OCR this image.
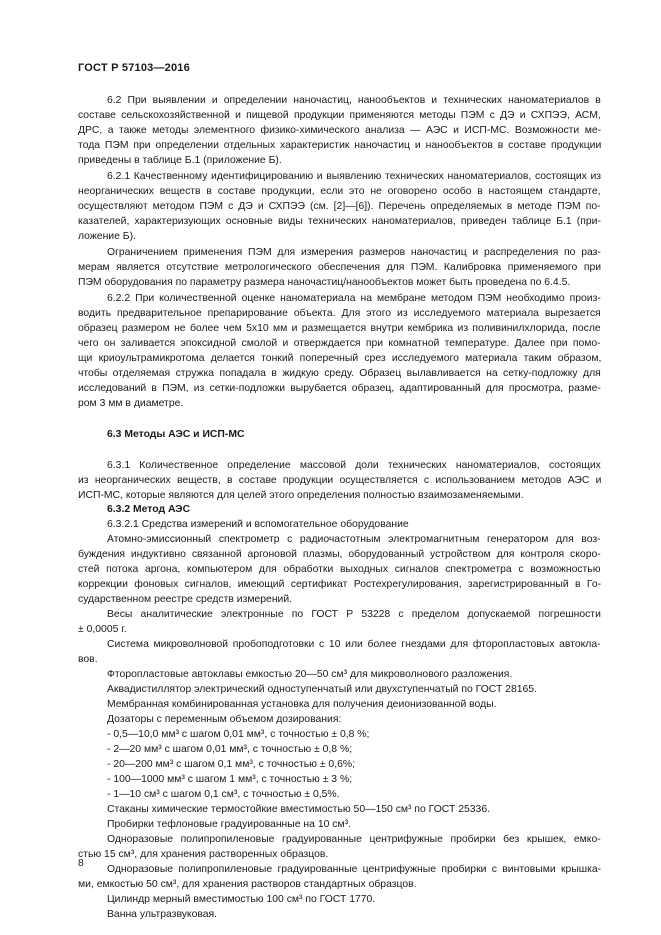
ГОСТ Р 57103—2016
6.2 При выявлении и определении наночастиц, нанообъектов и технических наноматериалов в
составе сельскохозяйственной и пищевой продукции применяются методы ПЭМ с ДЭ и СХПЭЭ, АСМ,
ДРС, а также методы элементного физико-химического анализа — АЭС и ИСП-МС. Возможности ме-
тода ПЭМ при определении отдельных характеристик наночастиц и нанообъектов в составе продукции
приведены в таблице Б.1 (приложение Б).
6.2.1 Качественному идентифицированию и выявлению технических наноматериалов, состоящих из
неорганических веществ в составе продукции, если это не оговорено особо в настоящем стандарте,
осуществляют методом ПЭМ с ДЭ и СХПЭЭ (см. [2]—[6]). Перечень определяемых в методе ПЭМ по-
казателей, характеризующих основные виды технических наноматериалов, приведен таблице Б.1 (при-
ложение Б).
Ограничением применения ПЭМ для измерения размеров наночастиц и распределения по раз-
мерам является отсутствие метрологического обеспечения для ПЭМ. Калибровка применяемого при
ПЭМ оборудования по параметру размера наночастиц/нанообъектов может быть проведена по 6.4.5.
6.2.2 При количественной оценке наноматериала на мембране методом ПЭМ необходимо произ-
водить предварительное препарирование объекта. Для этого из исследуемого материала вырезается
образец размером не более чем 5х10 мм и размещается внутри кембрика из поливинилхлорида, после
чего он заливается эпоксидной смолой и отверждается при комнатной температуре. Далее при помо-
щи криоультрамикротома делается тонкий поперечный срез исследуемого материала таким образом,
чтобы отделяемая стружка попадала в жидкую среду. Образец вылавливается на сетку-подложку для
исследований в ПЭМ, из сетки-подложки вырубается образец, адаптированный для просмотра, разме-
ром 3 мм в диаметре.
6.3 Методы АЭС и ИСП-МС
6.3.1 Количественное определение массовой доли технических наноматериалов, состоящих
из неорганических веществ, в составе продукции осуществляется с использованием методов АЭС и
ИСП-МС, которые являются для целей этого определения полностью взаимозаменяемыми.
6.3.2 Метод АЭС
6.3.2.1 Средства измерений и вспомогательное оборудование
Атомно-эмиссионный спектрометр с радиочастотным электромагнитным генератором для воз-
буждения индуктивно связанной аргоновой плазмы, оборудованный устройством для контроля скоро-
стей потока аргона, компьютером для обработки выходных сигналов спектрометра с возможностью
коррекции фоновых сигналов, имеющий сертификат Ростехрегулирования, зарегистрированный в Го-
сударственном реестре средств измерений.
Весы аналитические электронные по ГОСТ Р 53228 с пределом допускаемой погрешности
± 0,0005 г.
Система микроволновой пробоподготовки с 10 или более гнездами для фторопластовых автокла-
вов.
Фторопластовые автоклавы емкостью 20—50 см³ для микроволнового разложения.
Аквадистиллятор электрический одноступенчатый или двухступенчатый по ГОСТ 28165.
Мембранная комбинированная установка для получения деионизованной воды.
Дозаторы с переменным объемом дозирования:
- 0,5—10,0 мм³ с шагом 0,01 мм³, с точностью ± 0,8 %;
- 2—20 мм³ с шагом 0,01 мм³, с точностью ± 0,8 %;
- 20—200 мм³ с шагом 0,1 мм³, с точностью ± 0,6%;
- 100—1000 мм³ с шагом 1 мм³, с точностью ± 3 %;
- 1—10 см³ с шагом 0,1 см³, с точностью ± 0,5%.
Стаканы химические термостойкие вместимостью 50—150 см³ по ГОСТ 25336.
Пробирки тефлоновые градуированные на 10 см³.
Одноразовые полипропиленовые градуированные центрифужные пробирки без крышек, емко-
стью 15 см³, для хранения растворенных образцов.
Одноразовые полипропиленовые градуированные центрифужные пробирки с винтовыми крышка-
ми, емкостью 50 см³, для хранения растворов стандартных образцов.
Цилиндр мерный вместимостью 100 см³ по ГОСТ 1770.
Ванна ультразвуковая.
8
